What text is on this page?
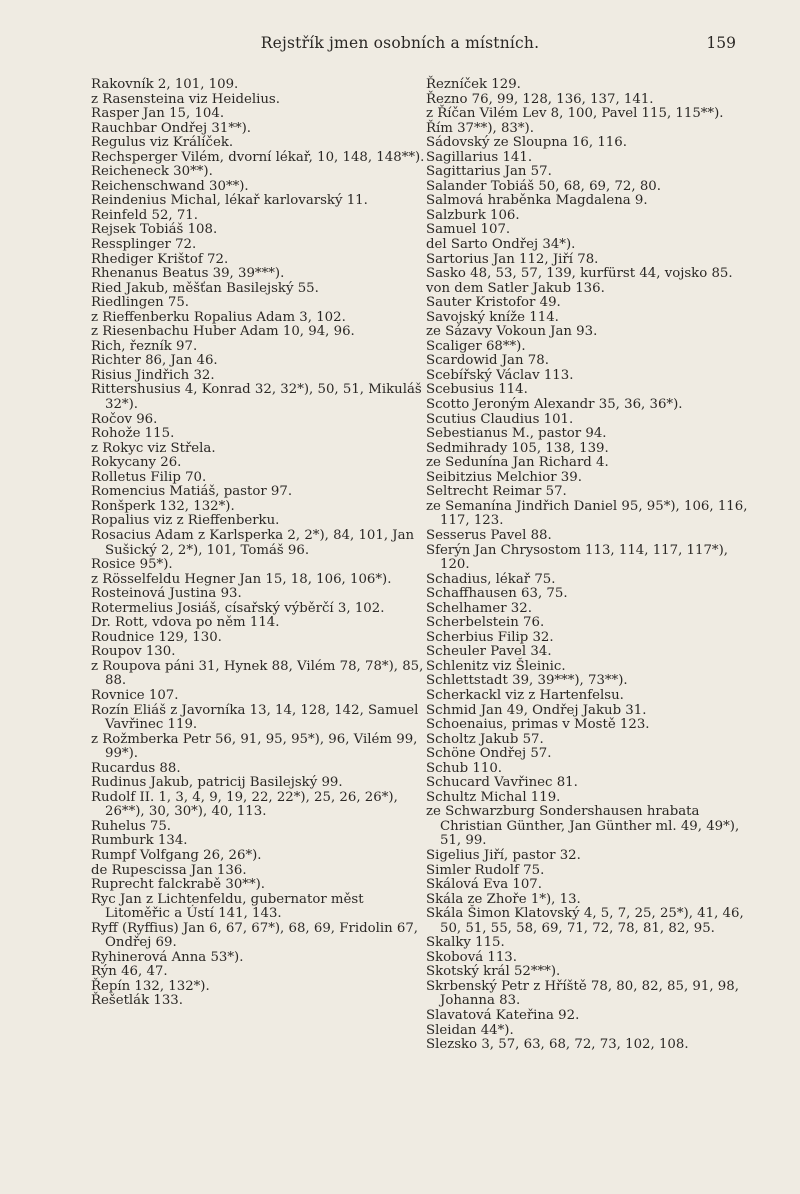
Rejstřík jmen osobních a místních.	159
Rakovník 2, 101, 109.
z Rasensteina viz Heidelius.
Rasper Jan 15, 104.
Rauchbar Ondřej 31**).
Regulus viz Králíček.
Rechsperger Vilém, dvorní lékař, 10, 148, 148**).
Reicheneck 30**).
Reichenschwand 30**).
Reindenius Michal, lékař karlovarský 11.
Reinfeld 52, 71.
Rejsek Tobiáš 108.
Ressplinger 72.
Rhediger Krištof 72.
Rhenanus Beatus 39, 39***).
Ried Jakub, měšťan Basilejský 55.
Riedlingen 75.
z Rieffenberku Ropalius Adam 3, 102.
z Riesenbachu Huber Adam 10, 94, 96.
Rich, řezník 97.
Richter 86, Jan 46.
Risius Jindřich 32.
Rittershusius 4, Konrad 32, 32*), 50, 51, Mikuláš 32*).
Ročov 96.
Rohože 115.
z Rokyc viz Střela.
Rokycany 26.
Rolletus Filip 70.
Romencius Matiáš, pastor 97.
Ronšperk 132, 132*).
Ropalius viz z Rieffenberku.
Rosacius Adam z Karlsperka 2, 2*), 84, 101, Jan Sušický 2, 2*), 101, Tomáš 96.
Rosice 95*).
z Rösselfeldu Hegner Jan 15, 18, 106, 106*).
Rosteinová Justina 93.
Rotermelius Josiáš, císařský výběrčí 3, 102.
Dr. Rott, vdova po něm 114.
Roudnice 129, 130.
Roupov 130.
z Roupova páni 31, Hynek 88, Vilém 78, 78*), 85, 88.
Rovnice 107.
Rozín Eliáš z Javorníka 13, 14, 128, 142, Samuel Vavřinec 119.
z Rožmberka Petr 56, 91, 95, 95*), 96, Vilém 99, 99*).
Rucardus 88.
Rudinus Jakub, patricij Basilejský 99.
Rudolf II. 1, 3, 4, 9, 19, 22, 22*), 25, 26, 26*), 26**), 30, 30*), 40, 113.
Ruhelus 75.
Rumburk 134.
Rumpf Volfgang 26, 26*).
de Rupescissa Jan 136.
Ruprecht falckrabě 30**).
Ryc Jan z Lichtenfeldu, gubernator měst Litoměřic a Ústí 141, 143.
Ryff (Ryffius) Jan 6, 67, 67*), 68, 69, Fridolin 67, Ondřej 69.
Ryhinerová Anna 53*).
Rýn 46, 47.
Řepín 132, 132*).
Řešetlák 133.
Řezníček 129.
Řezno 76, 99, 128, 136, 137, 141.
z Říčan Vilém Lev 8, 100, Pavel 115, 115**).
Řím 37**), 83*).
Sádovský ze Sloupna 16, 116.
Sagillarius 141.
Sagittarius Jan 57.
Salander Tobiáš 50, 68, 69, 72, 80.
Salmová hraběnka Magdalena 9.
Salzburk 106.
Samuel 107.
del Sarto Ondřej 34*).
Sartorius Jan 112, Jiří 78.
Sasko 48, 53, 57, 139, kurfürst 44, vojsko 85.
von dem Satler Jakub 136.
Sauter Kristofor 49.
Savojský kníže 114.
ze Sázavy Vokoun Jan 93.
Scaliger 68**).
Scardowid Jan 78.
Scebířský Václav 113.
Scebusius 114.
Scotto Jeroným Alexandr 35, 36, 36*).
Scutius Claudius 101.
Sebestianus M., pastor 94.
Sedmihrady 105, 138, 139.
ze Sedunína Jan Richard 4.
Seibitzius Melchior 39.
Seltrecht Reimar 57.
ze Semanína Jindřich Daniel 95, 95*), 106, 116, 117, 123.
Sesserus Pavel 88.
Sferýn Jan Chrysostom 113, 114, 117, 117*), 120.
Schadius, lékař 75.
Schaffhausen 63, 75.
Schelhamer 32.
Scherbelstein 76.
Scherbius Filip 32.
Scheuler Pavel 34.
Schlenitz viz Šleinic.
Schlettstadt 39, 39***), 73**).
Scherkackl viz z Hartenfelsu.
Schmid Jan 49, Ondřej Jakub 31.
Schoenaius, primas v Mostě 123.
Scholtz Jakub 57.
Schöne Ondřej 57.
Schub 110.
Schucard Vavřinec 81.
Schultz Michal 119.
ze Schwarzburg Sondershausen hrabata Christian Günther, Jan Günther ml. 49, 49*), 51, 99.
Sigelius Jiří, pastor 32.
Simler Rudolf 75.
Skálová Eva 107.
Skála ze Zhoře 1*), 13.
Skála Šimon Klatovský 4, 5, 7, 25, 25*), 41, 46, 50, 51, 55, 58, 69, 71, 72, 78, 81, 82, 95.
Skalky 115.
Skobová 113.
Skotský král 52***).
Skrbenský Petr z Hříště 78, 80, 82, 85, 91, 98, Johanna 83.
Slavatová Kateřina 92.
Sleidan 44*).
Slezsko 3, 57, 63, 68, 72, 73, 102, 108.
